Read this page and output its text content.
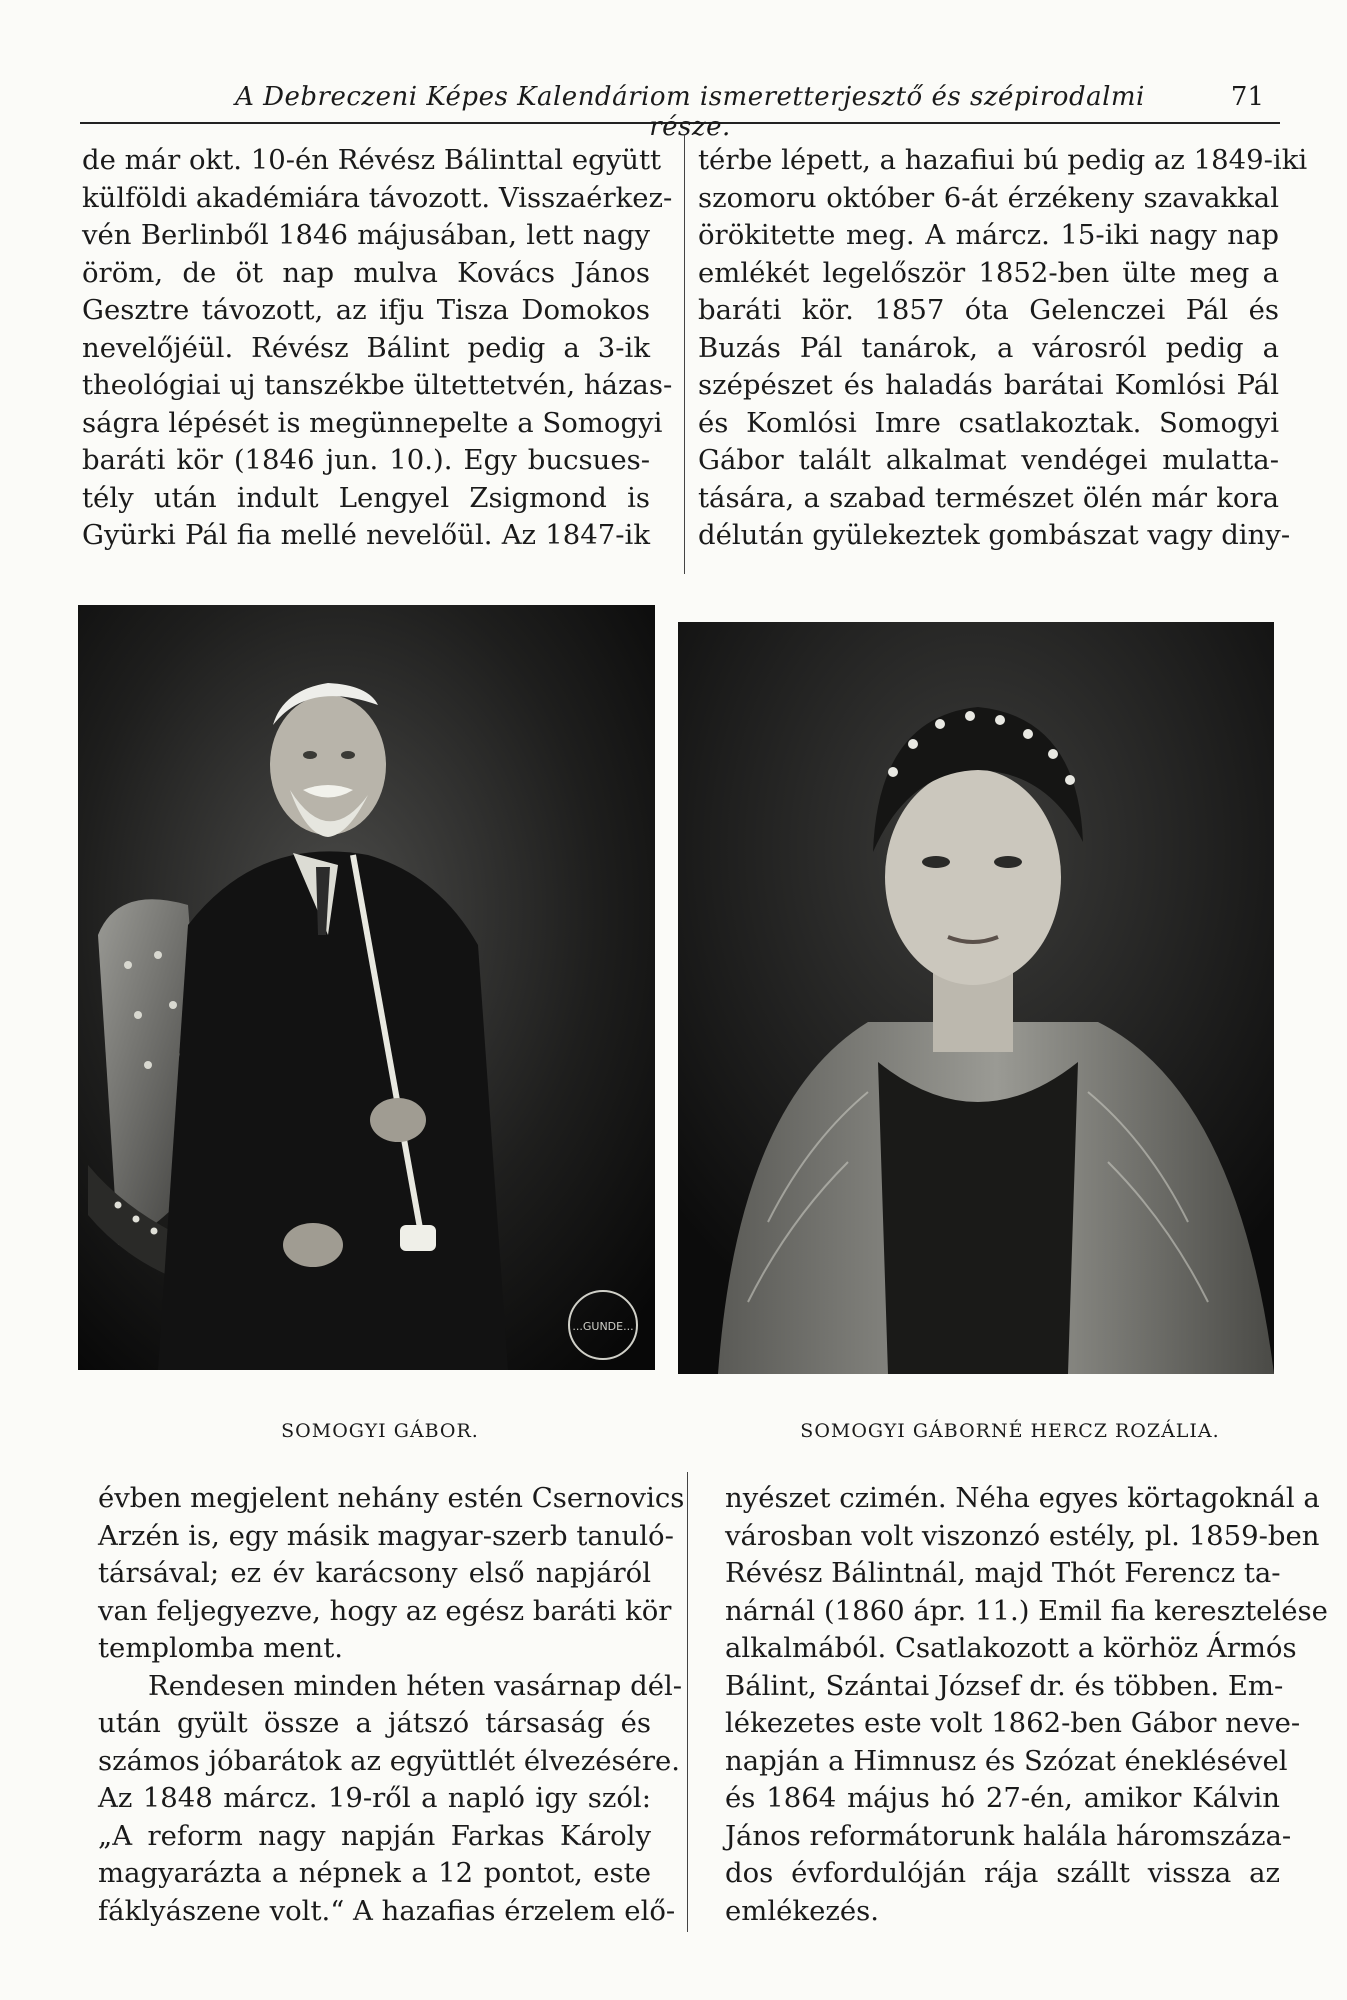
A Debreczeni Képes Kalendáriom ismeretterjesztő és szépirodalmi része.
71
de már okt. 10-én Révész Bálinttal együtt
külföldi akadémiára távozott. Visszaérkez-
vén Berlinből 1846 májusában, lett nagy
öröm, de öt nap mulva Kovács János
Gesztre távozott, az ifju Tisza Domokos
nevelőjéül. Révész Bálint pedig a 3-ik
theológiai uj tanszékbe ültettetvén, házas-
ságra lépését is megünnepelte a Somogyi
baráti kör (1846 jun. 10.). Egy bucsues-
tély után indult Lengyel Zsigmond is
Gyürki Pál fia mellé nevelőül. Az 1847-ik
térbe lépett, a hazafiui bú pedig az 1849-iki
szomoru október 6-át érzékeny szavakkal
örökitette meg. A márcz. 15-iki nagy nap
emlékét legelőször 1852-ben ülte meg a
baráti kör. 1857 óta Gelenczei Pál és
Buzás Pál tanárok, a városról pedig a
szépészet és haladás barátai Komlósi Pál
és Komlósi Imre csatlakoztak. Somogyi
Gábor talált alkalmat vendégei mulatta-
tására, a szabad természet ölén már kora
délután gyülekeztek gombászat vagy diny-
...GUNDE...
SOMOGYI GÁBOR.	SOMOGYI GÁBORNÉ HERCZ ROZÁLIA.
évben megjelent nehány estén Csernovics
Arzén is, egy másik magyar-szerb tanuló-
társával; ez év karácsony első napjáról
van feljegyezve, hogy az egész baráti kör
templomba ment.
Rendesen minden héten vasárnap dél-
után gyült össze a játszó társaság és
számos jóbarátok az együttlét élvezésére.
Az 1848 márcz. 19-ről a napló igy szól:
„A reform nagy napján Farkas Károly
magyarázta a népnek a 12 pontot, este
fáklyászene volt.“ A hazafias érzelem elő-
nyészet czimén. Néha egyes körtagoknál a
városban volt viszonzó estély, pl. 1859-ben
Révész Bálintnál, majd Thót Ferencz ta-
nárnál (1860 ápr. 11.) Emil fia keresztelése
alkalmából. Csatlakozott a körhöz Ármós
Bálint, Szántai József dr. és többen. Em-
lékezetes este volt 1862-ben Gábor neve-
napján a Himnusz és Szózat éneklésével
és 1864 május hó 27-én, amikor Kálvin
János reformátorunk halála háromszáza-
dos évfordulóján rája szállt vissza az
emlékezés.
